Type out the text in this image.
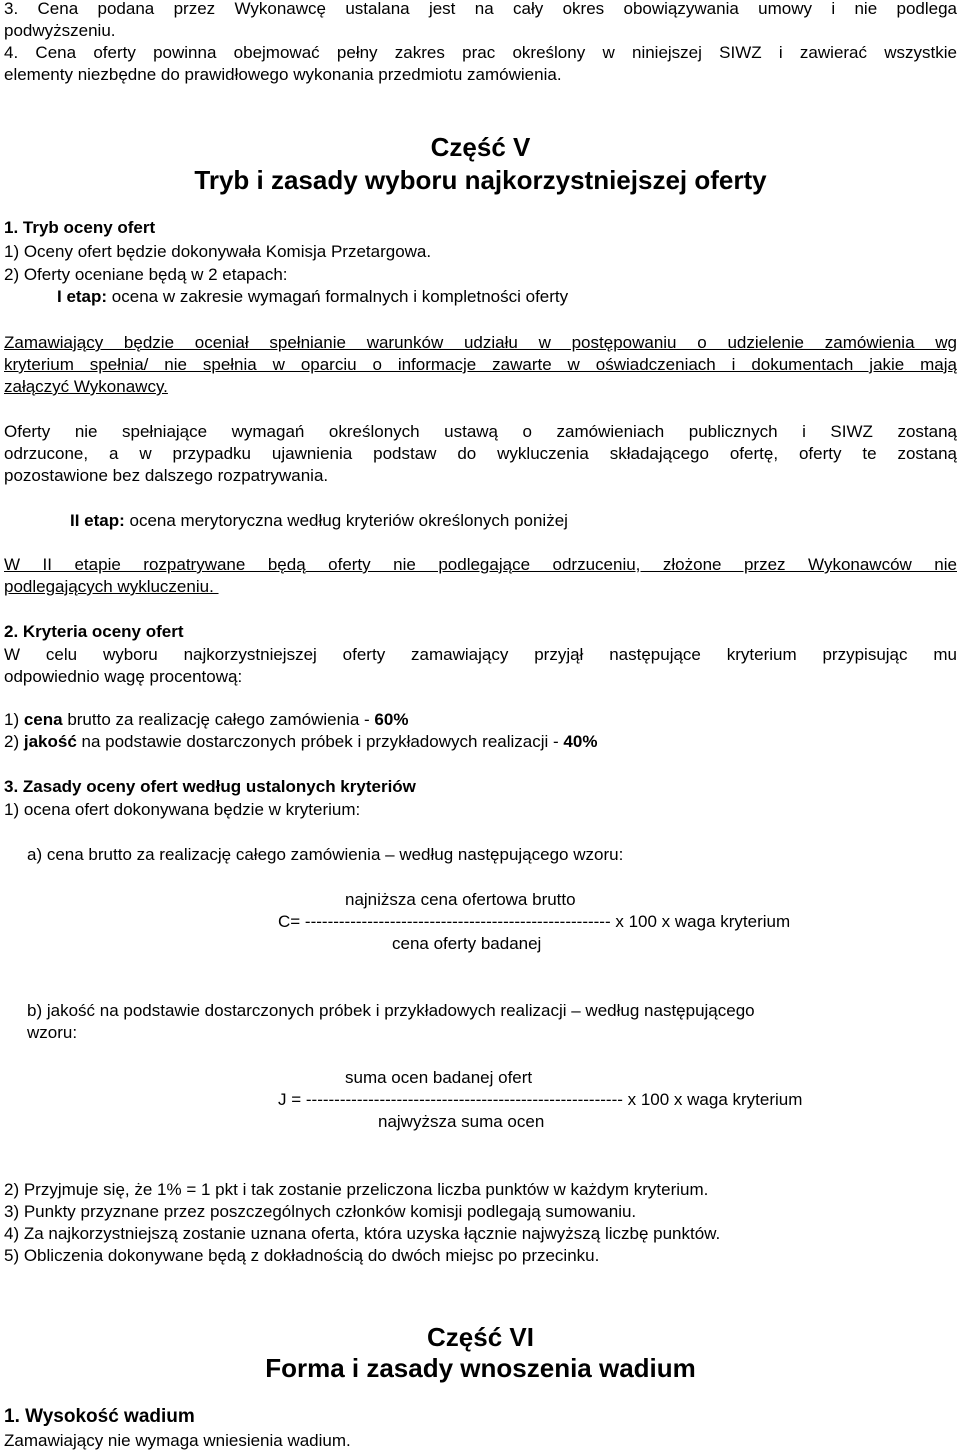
3. Cena podana przez Wykonawcę ustalana jest na cały okres obowiązywania umowy i nie podlega
podwyższeniu.
4. Cena oferty powinna obejmować pełny zakres prac określony w niniejszej SIWZ i zawierać wszystkie
elementy niezbędne do prawidłowego wykonania przedmiotu zamówienia.
Część V
Tryb i zasady wyboru najkorzystniejszej oferty
1. Tryb oceny ofert
1) Oceny ofert będzie dokonywała Komisja Przetargowa.
2) Oferty oceniane będą w 2 etapach:
I etap: ocena w zakresie wymagań formalnych i kompletności oferty
Zamawiający będzie oceniał spełnianie warunków udziału w postępowaniu o udzielenie zamówienia wg
kryterium spełnia/ nie spełnia w oparciu o informacje zawarte w oświadczeniach i dokumentach jakie mają
załączyć Wykonawcy.
Oferty nie spełniające wymagań określonych ustawą o zamówieniach publicznych i SIWZ zostaną
odrzucone, a w przypadku ujawnienia podstaw do wykluczenia składającego ofertę, oferty te zostaną
pozostawione bez dalszego rozpatrywania.
II etap: ocena merytoryczna według kryteriów określonych poniżej
W II etapie rozpatrywane będą oferty nie podlegające odrzuceniu, złożone przez Wykonawców nie
podlegających wykluczeniu.
2. Kryteria oceny ofert
W celu wyboru najkorzystniejszej oferty zamawiający przyjął następujące kryterium przypisując mu
odpowiednio wagę procentową:
1) cena brutto za realizację całego zamówienia - 60%
2) jakość na podstawie dostarczonych próbek i przykładowych realizacji - 40%
3. Zasady oceny ofert według ustalonych kryteriów
1) ocena ofert dokonywana będzie w kryterium:
a) cena brutto za realizację całego zamówienia – według następującego wzoru:
najniższa cena ofertowa brutto
C= ------------------------------------------------------ x 100 x waga kryterium
cena oferty badanej
b) jakość na podstawie dostarczonych próbek i przykładowych realizacji – według następującego
wzoru:
suma ocen badanej ofert
J = -------------------------------------------------------- x 100 x waga kryterium
najwyższa suma ocen
2) Przyjmuje się, że 1% = 1 pkt i tak zostanie przeliczona liczba punktów w każdym kryterium.
3) Punkty przyznane przez poszczególnych członków komisji podlegają sumowaniu.
4) Za najkorzystniejszą zostanie uznana oferta, która uzyska łącznie najwyższą liczbę punktów.
5) Obliczenia dokonywane będą z dokładnością do dwóch miejsc po przecinku.
Część VI
Forma i zasady wnoszenia wadium
1. Wysokość wadium
Zamawiający nie wymaga wniesienia wadium.
